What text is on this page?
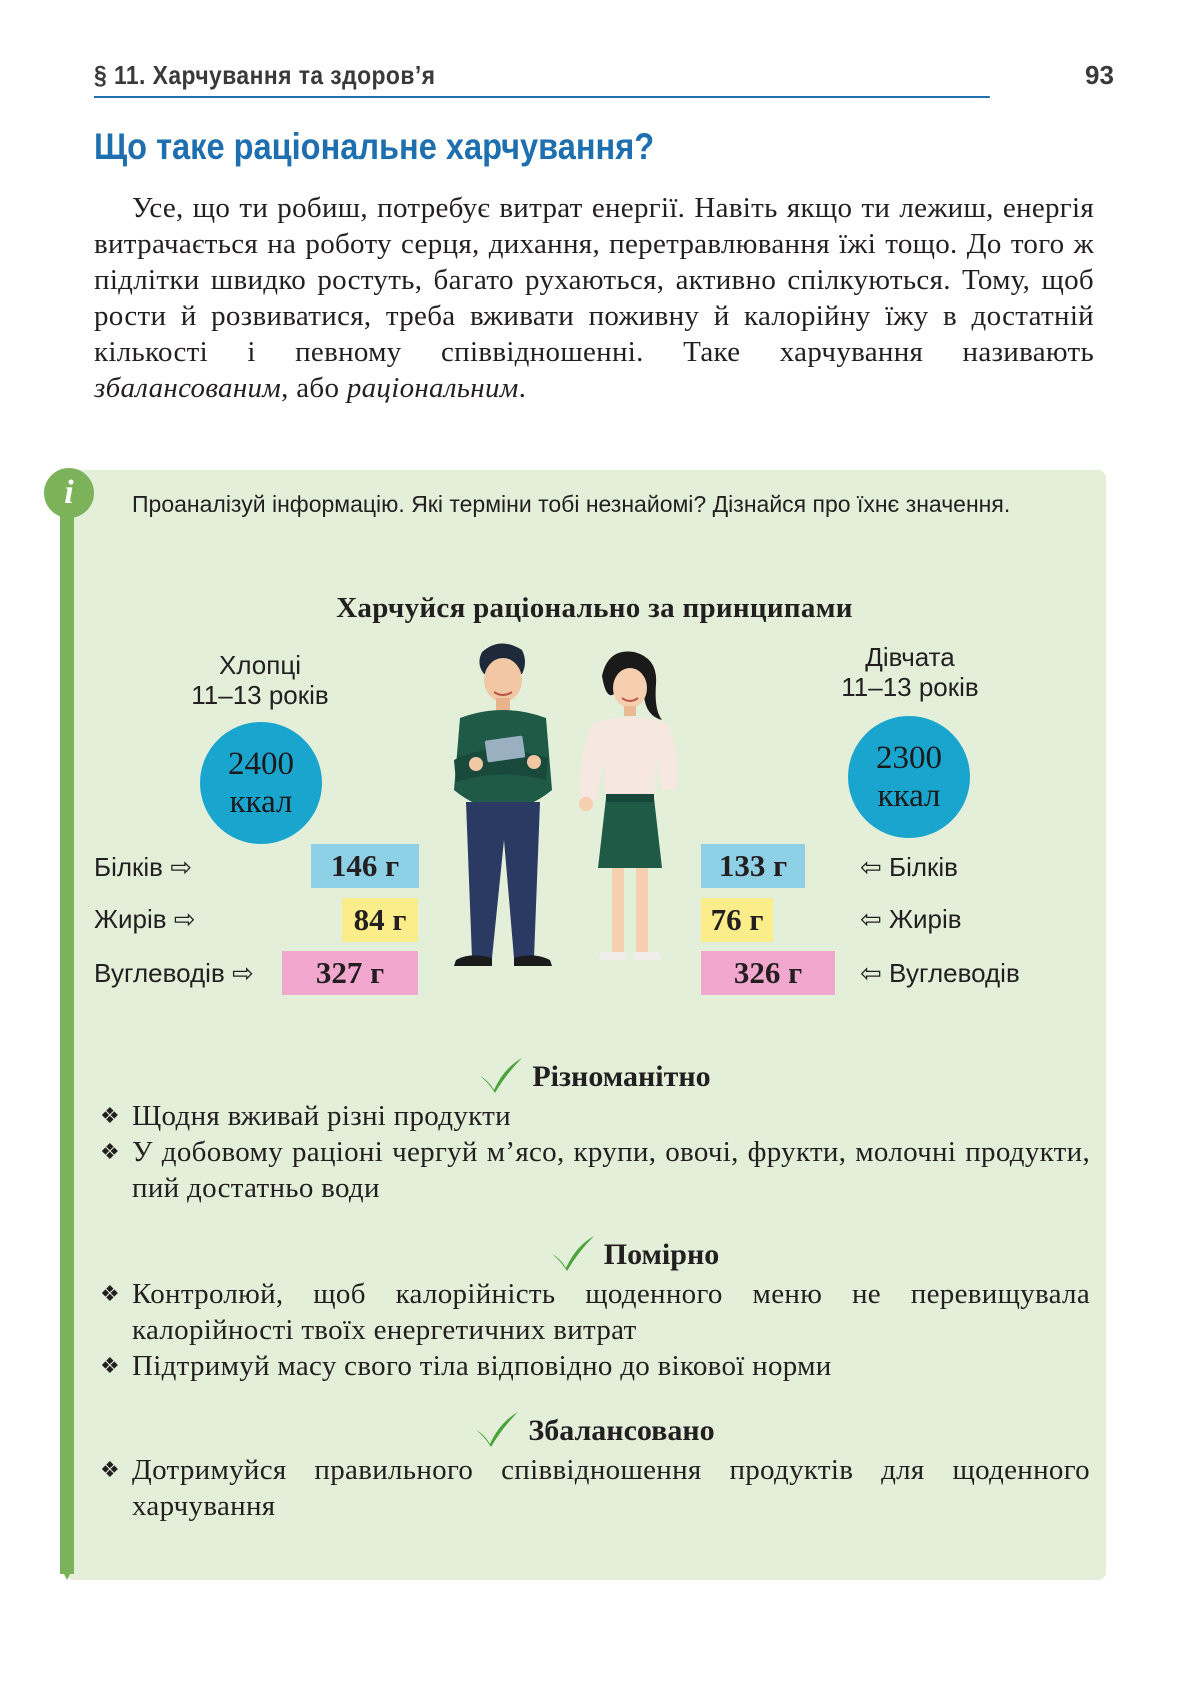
§ 11. Харчування та здоров’я	93
Що таке раціональне харчування?

Усе, що ти робиш, потребує витрат енергії. Навіть якщо ти лежиш, енергія витрачається на роботу серця, дихання, перетравлювання їжі тощо. До того ж підлітки швидко ростуть, багато рухаються, активно спілкуються. Тому, щоб рости й розвиватися, треба вживати поживну й калорійну їжу в достатній кількості і певному співвідношенні. Таке харчування називають збалансованим, або раціональним.

i	Проаналізуй інформацію. Які терміни тобі незнайомі? Дізнайся про їхнє значення.

Харчуйся раціонально за принципами
Хлопці
11–13 років
2400
ккал
Дівчата
11–13 років
2300
ккал
Білків ⇨
Жирів ⇨
Вуглеводів ⇨
146 г
84 г
327 г
133 г
76 г
326 г
⇦ Білків
⇦ Жирів
⇦ Вуглеводів
Різноманітно
❖ Щодня вживай різні продукти
❖ У добовому раціоні чергуй м’ясо, крупи, овочі, фрукти, молочні продукти, пий достатньо води
Помірно
❖ Контролюй, щоб калорійність щоденного меню не перевищувала калорійності твоїх енергетичних витрат
❖ Підтримуй масу свого тіла відповідно до вікової норми
Збалансовано
❖ Дотримуйся правильного співвідношення продуктів для щоденного харчування
